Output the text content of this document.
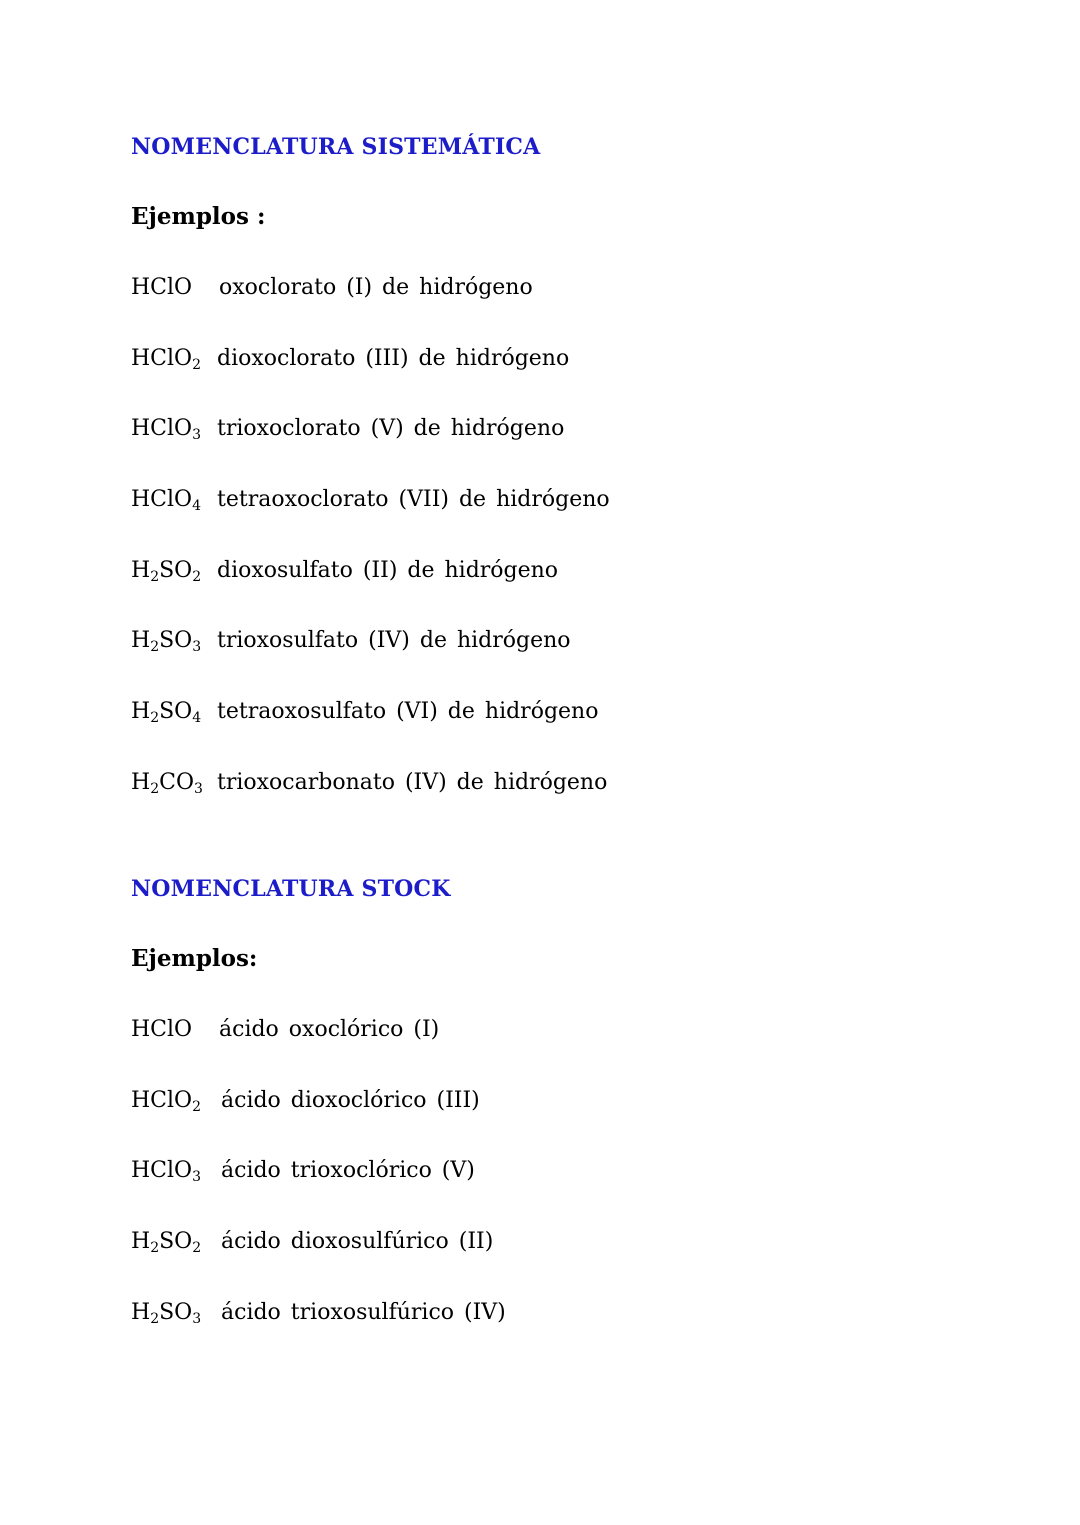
NOMENCLATURA SISTEMÁTICA
Ejemplos :
HClO oxoclorato (I) de hidrógeno
HClO$_2$ dioxoclorato (III) de hidrógeno
HClO$_3$ trioxoclorato (V) de hidrógeno
HClO$_4$ tetraoxoclorato (VII) de hidrógeno
$H_2SO_2$ dioxosulfato (II) de hidrógeno
$H_2SO_3$ trioxosulfato (IV) de hidrógeno
$H_2SO_4$ tetraoxosulfato (VI) de hidrógeno
$H_2CO_3$ trioxocarbonato (IV) de hidrógeno
NOMENCLATURA STOCK
Ejemplos:
HClO ácido oxoclórico (I)
HClO$_2$ ácido dioxoclórico (III)
HClO$_3$ ácido trioxoclórico (V)
$H_2SO_2$ ácido dioxosulfúrico (II)
$H_2SO_3$ ácido trioxosulfúrico (IV)
